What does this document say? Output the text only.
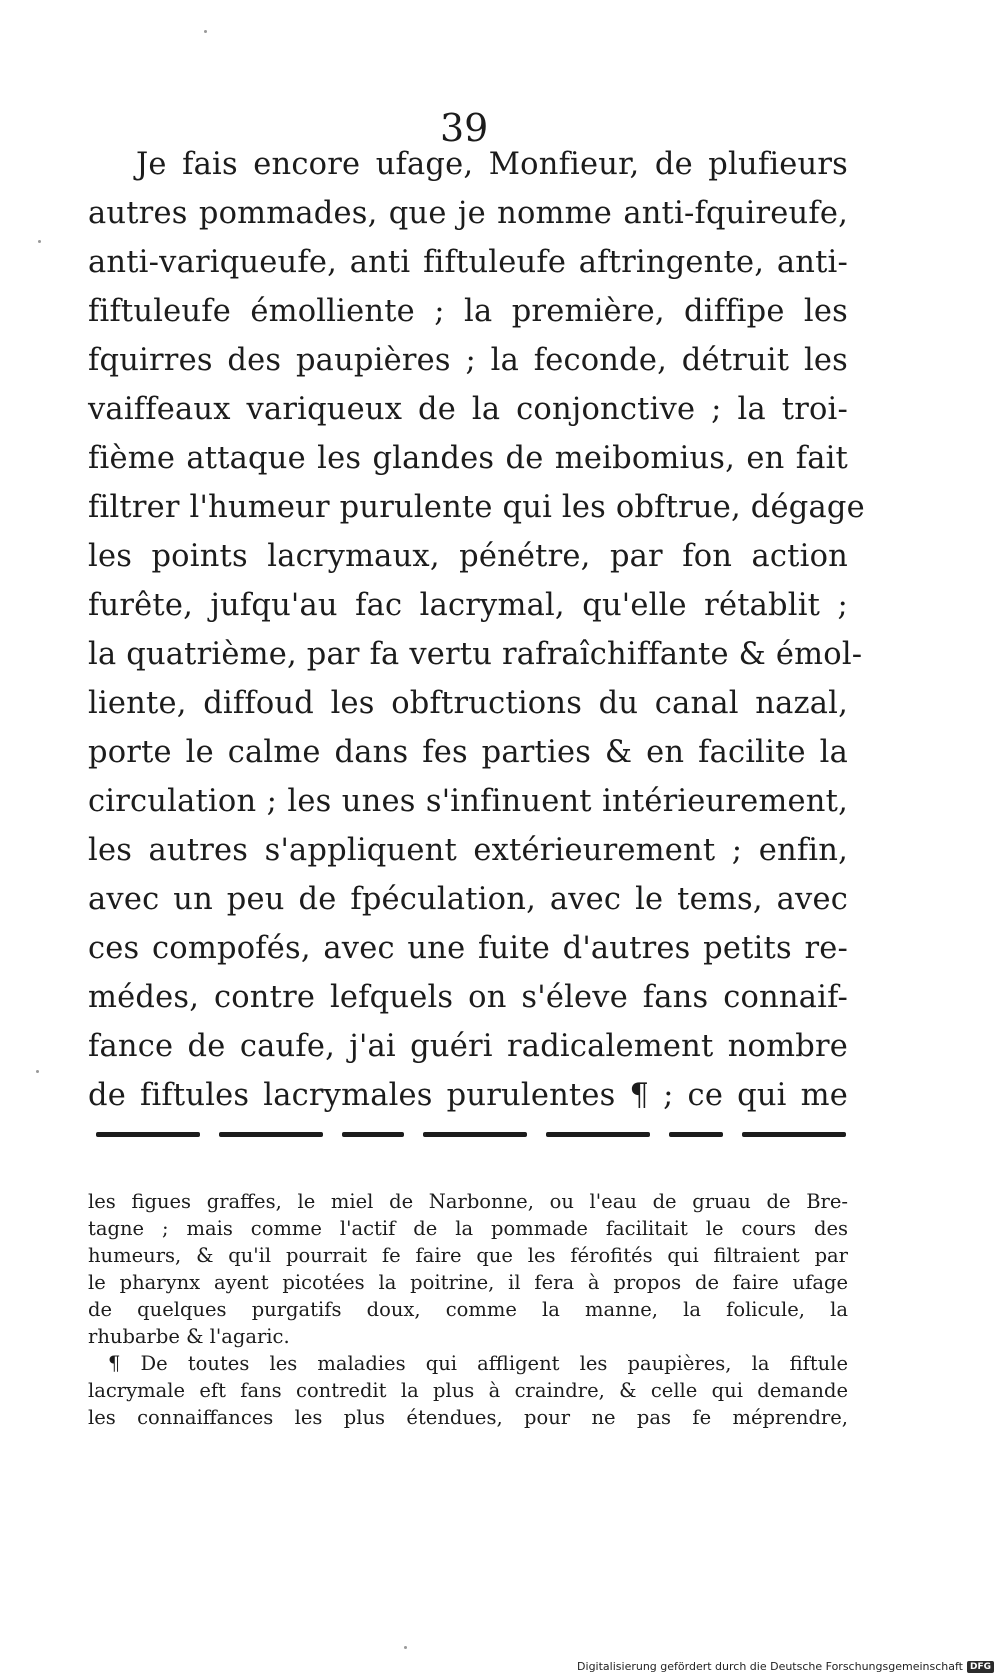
39
Je fais encore ufage, Monfieur, de plufieurs
autres pommades, que je nomme anti-fquireufe,
anti-variqueufe, anti fiftuleufe aftringente, anti-
fiftuleufe émolliente ; la première, diffipe les
fquirres des paupières ; la feconde, détruit les
vaiffeaux variqueux de la conjonctive ; la troi-
fième attaque les glandes de meibomius, en fait
filtrer l'humeur purulente qui les obftrue, dégage
les points lacrymaux, pénétre, par fon action
furête, jufqu'au fac lacrymal, qu'elle rétablit ;
la quatrième, par fa vertu rafraîchiffante & émol-
liente, diffoud les obftructions du canal nazal,
porte le calme dans fes parties & en facilite la
circulation ; les unes s'infinuent intérieurement,
les autres s'appliquent extérieurement ; enfin,
avec un peu de fpéculation, avec le tems, avec
ces compofés, avec une fuite d'autres petits re-
médes, contre lefquels on s'éleve fans connaif-
fance de caufe, j'ai guéri radicalement nombre
de fiftules lacrymales purulentes ¶ ; ce qui me
les figues graffes, le miel de Narbonne, ou l'eau de gruau de Bre-
tagne ; mais comme l'actif de la pommade facilitait le cours des
humeurs, & qu'il pourrait fe faire que les férofités qui filtraient par
le pharynx ayent picotées la poitrine, il fera à propos de faire ufage
de quelques purgatifs doux, comme la manne, la folicule, la
rhubarbe & l'agaric.
¶ De toutes les maladies qui affligent les paupières, la fiftule
lacrymale eft fans contredit la plus à craindre, & celle qui demande
les connaiffances les plus étendues, pour ne pas fe méprendre,
Digitalisierung gefördert durch die Deutsche Forschungsgemeinschaft DFG
